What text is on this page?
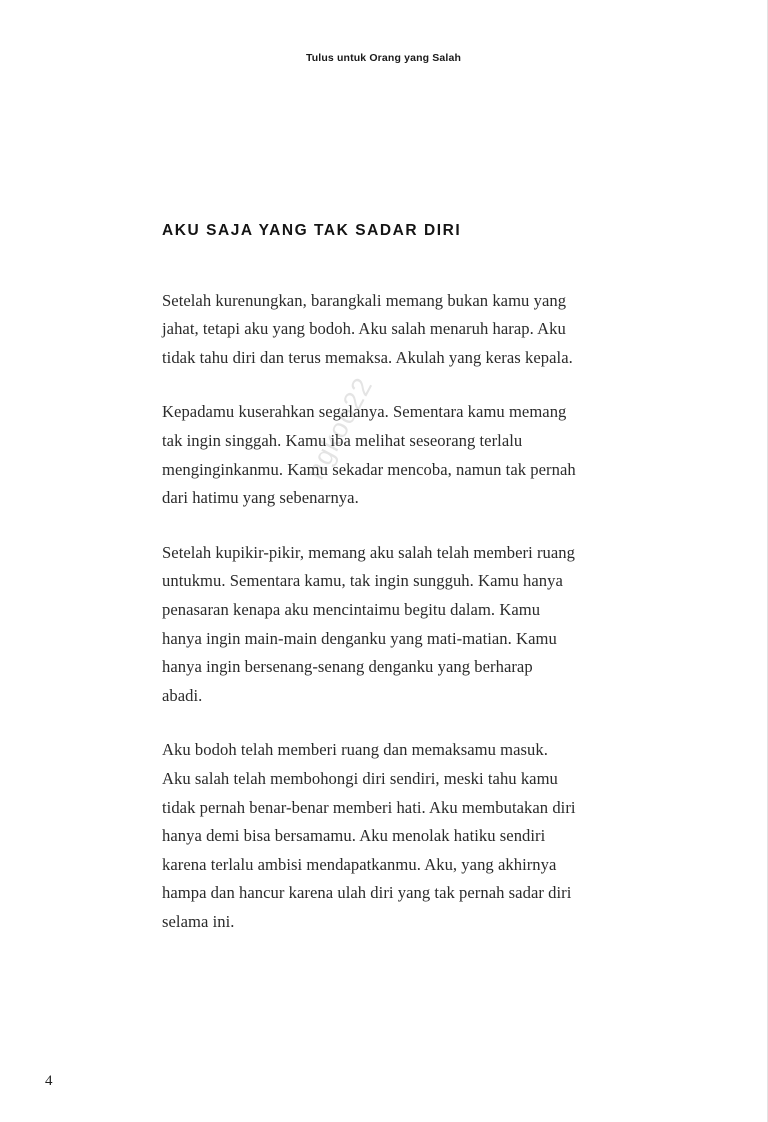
ngkoo22
Tulus untuk Orang yang Salah
AKU SAJA YANG TAK SADAR DIRI

Setelah kurenungkan, barangkali memang bukan kamu yang jahat, tetapi aku yang bodoh. Aku salah menaruh harap. Aku tidak tahu diri dan terus memaksa. Akulah yang keras kepala.

Kepadamu kuserahkan segalanya. Sementara kamu memang tak ingin singgah. Kamu iba melihat seseorang terlalu menginginkanmu. Kamu sekadar mencoba, namun tak pernah dari hatimu yang sebenarnya.

Setelah kupikir-pikir, memang aku salah telah memberi ruang untukmu. Sementara kamu, tak ingin sungguh. Kamu hanya penasaran kenapa aku mencintaimu begitu dalam. Kamu hanya ingin main-main denganku yang mati-matian. Kamu hanya ingin bersenang-senang denganku yang berharap abadi.

Aku bodoh telah memberi ruang dan memaksamu masuk. Aku salah telah membohongi diri sendiri, meski tahu kamu tidak pernah benar-benar memberi hati. Aku membutakan diri hanya demi bisa bersamamu. Aku menolak hatiku sendiri karena terlalu ambisi mendapatkanmu. Aku, yang akhirnya hampa dan hancur karena ulah diri yang tak pernah sadar diri selama ini.

4
